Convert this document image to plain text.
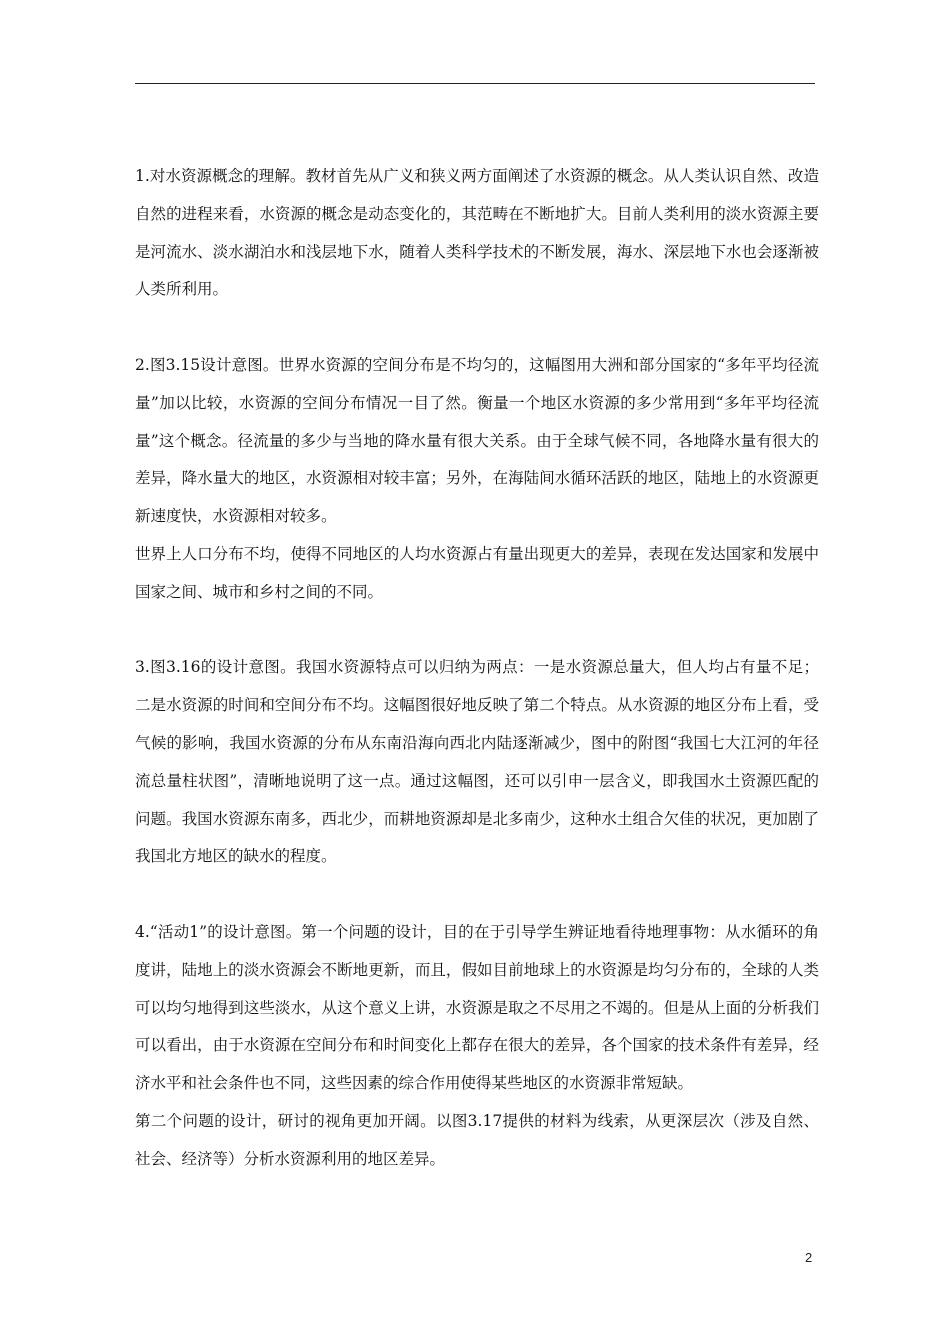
1.对水资源概念的理解。教材首先从广义和狭义两方面阐述了水资源的概念。从人类认识自然、改造自然的进程来看，水资源的概念是动态变化的，其范畴在不断地扩大。目前人类利用的淡水资源主要是河流水、淡水湖泊水和浅层地下水，随着人类科学技术的不断发展，海水、深层地下水也会逐渐被人类所利用。

2.图3.15设计意图。世界水资源的空间分布是不均匀的，这幅图用大洲和部分国家的“多年平均径流量”加以比较，水资源的空间分布情况一目了然。衡量一个地区水资源的多少常用到“多年平均径流量”这个概念。径流量的多少与当地的降水量有很大关系。由于全球气候不同，各地降水量有很大的差异，降水量大的地区，水资源相对较丰富；另外，在海陆间水循环活跃的地区，陆地上的水资源更新速度快，水资源相对较多。

世界上人口分布不均，使得不同地区的人均水资源占有量出现更大的差异，表现在发达国家和发展中国家之间、城市和乡村之间的不同。

3.图3.16的设计意图。我国水资源特点可以归纳为两点：一是水资源总量大，但人均占有量不足；二是水资源的时间和空间分布不均。这幅图很好地反映了第二个特点。从水资源的地区分布上看，受气候的影响，我国水资源的分布从东南沿海向西北内陆逐渐减少，图中的附图“我国七大江河的年径流总量柱状图”，清晰地说明了这一点。通过这幅图，还可以引申一层含义，即我国水土资源匹配的问题。我国水资源东南多，西北少，而耕地资源却是北多南少，这种水土组合欠佳的状况，更加剧了我国北方地区的缺水的程度。

4.“活动1”的设计意图。第一个问题的设计，目的在于引导学生辨证地看待地理事物：从水循环的角度讲，陆地上的淡水资源会不断地更新，而且，假如目前地球上的水资源是均匀分布的，全球的人类可以均匀地得到这些淡水，从这个意义上讲，水资源是取之不尽用之不竭的。但是从上面的分析我们可以看出，由于水资源在空间分布和时间变化上都存在很大的差异，各个国家的技术条件有差异，经济水平和社会条件也不同，这些因素的综合作用使得某些地区的水资源非常短缺。

第二个问题的设计，研讨的视角更加开阔。以图3.17提供的材料为线索，从更深层次（涉及自然、社会、经济等）分析水资源利用的地区差异。

2
